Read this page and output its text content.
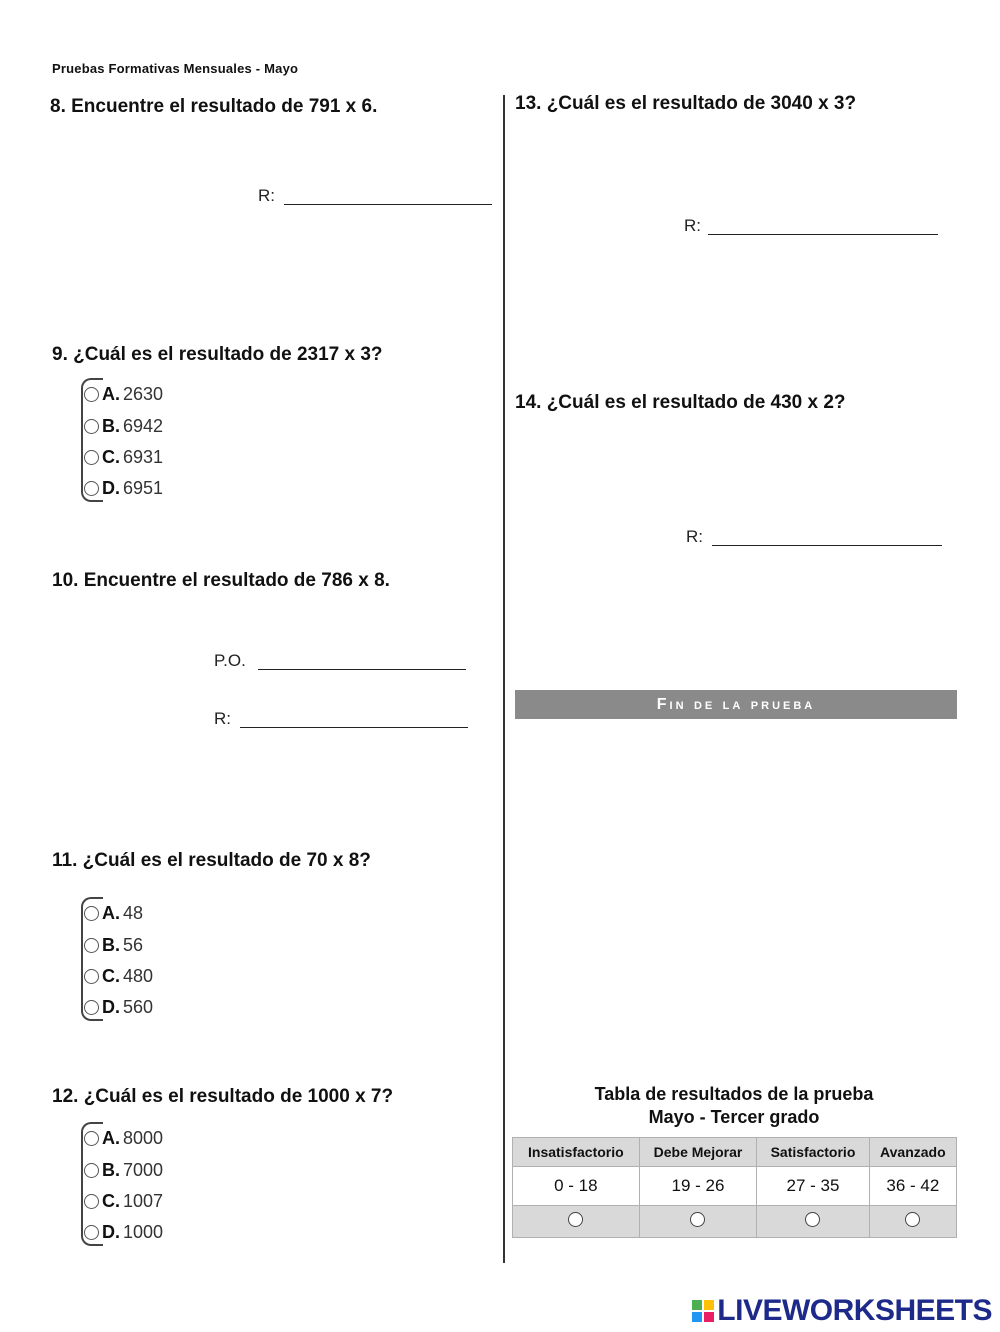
Pruebas Formativas Mensuales - Mayo
8. Encuentre el resultado de 791 x 6.
R:
9. ¿Cuál es el resultado de 2317 x 3?
A. 2630
B. 6942
C. 6931
D. 6951
10. Encuentre el resultado de 786 x 8.
P.O.
R:
11. ¿Cuál es el resultado de 70 x 8?
A. 48
B. 56
C. 480
D. 560
12. ¿Cuál es el resultado de 1000 x 7?
A. 8000
B. 7000
C. 1007
D. 1000
13. ¿Cuál es el resultado de 3040 x 3?
R:
14. ¿Cuál es el resultado de 430 x 2?
R:
Fin de la prueba
Tabla de resultados de la prueba
Mayo - Tercer grado
Insatisfactorio	Debe Mejorar	Satisfactorio	Avanzado
0 - 18	19 - 26	27 - 35	36 - 42

LIVEWORKSHEETS
